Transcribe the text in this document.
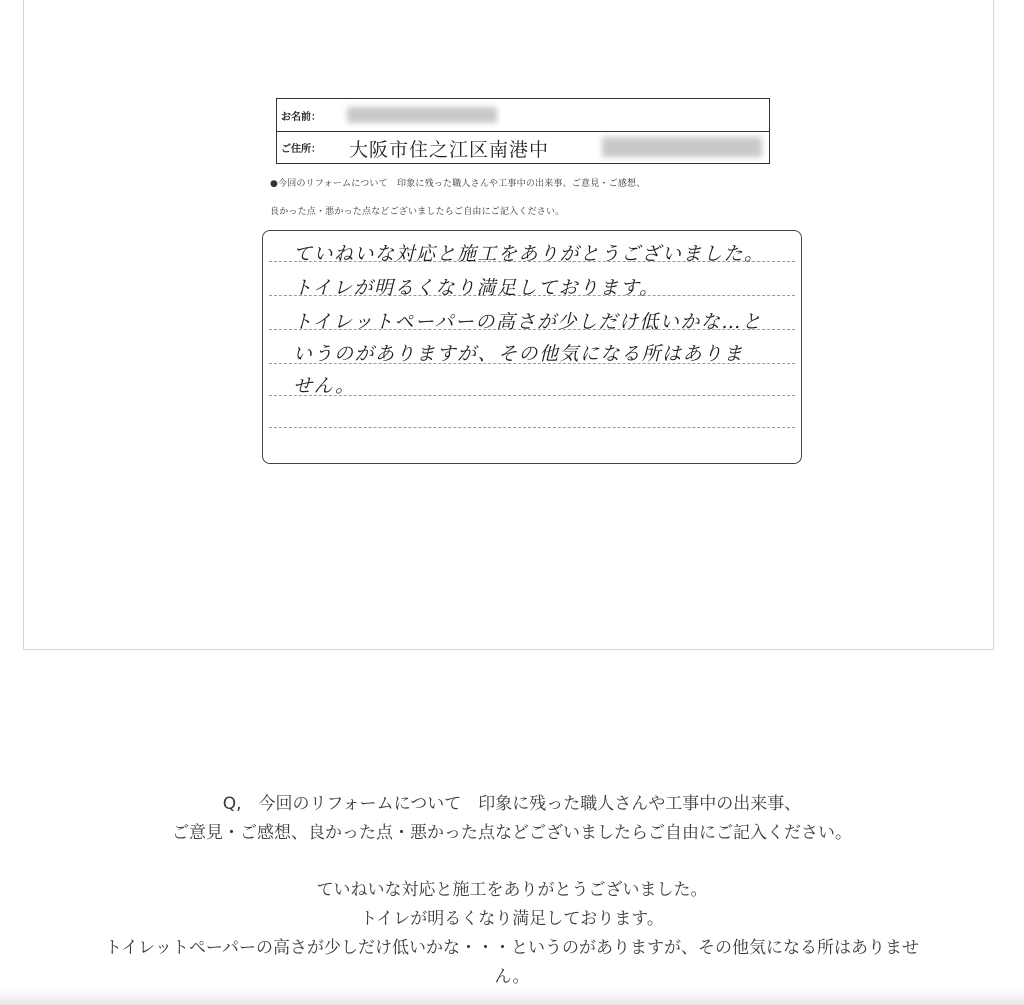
お名前：
ご住所： 大阪市住之江区南港中
●今回のリフォームについて　印象に残った職人さんや工事中の出来事、ご意見・ご感想、
良かった点・悪かった点などございましたらご自由にご記入ください。
ていねいな対応と施工をありがとうございました。
トイレが明るくなり満足しております。
トイレットペーパーの高さが少しだけ低いかな…と
いうのがありますが、その他気になる所はありま
せん。
Q,　今回のリフォームについて　印象に残った職人さんや工事中の出来事、
ご意見・ご感想、良かった点・悪かった点などございましたらご自由にご記入ください。
ていねいな対応と施工をありがとうございました。
トイレが明るくなり満足しております。
トイレットペーパーの高さが少しだけ低いかな・・・というのがありますが、その他気になる所はありませ
ん。
